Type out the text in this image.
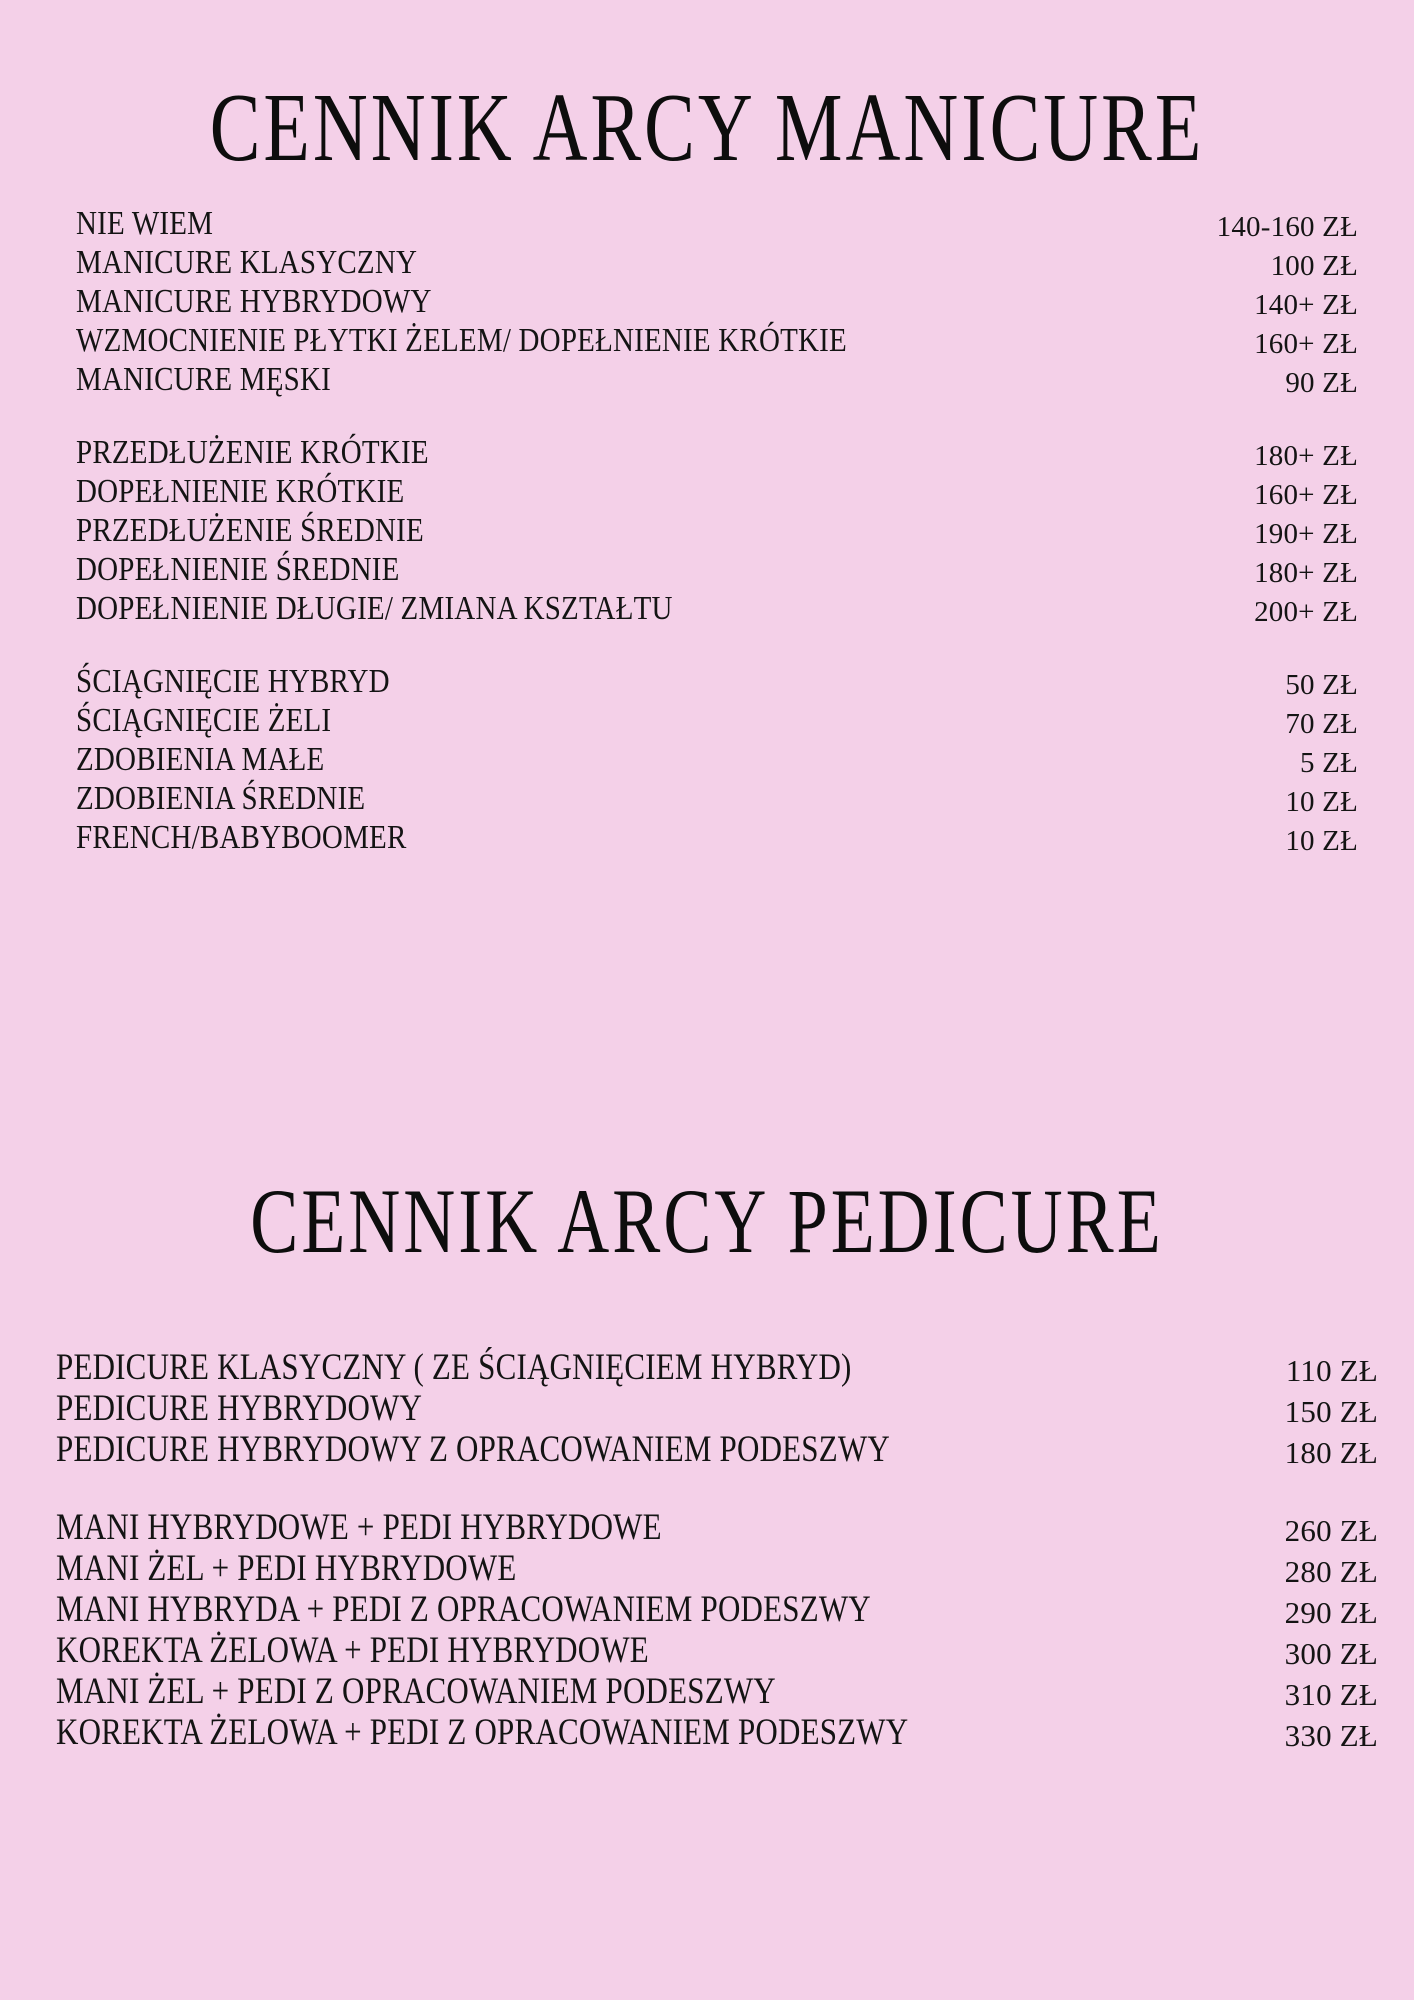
CENNIK ARCY MANICURE
NIE WIEM	140-160 ZŁ
MANICURE KLASYCZNY	100 ZŁ
MANICURE HYBRYDOWY	140+ ZŁ
WZMOCNIENIE PŁYTKI ŻELEM/ DOPEŁNIENIE KRÓTKIE	160+ ZŁ
MANICURE MĘSKI	90 ZŁ
PRZEDŁUŻENIE KRÓTKIE	180+ ZŁ
DOPEŁNIENIE KRÓTKIE	160+ ZŁ
PRZEDŁUŻENIE ŚREDNIE	190+ ZŁ
DOPEŁNIENIE ŚREDNIE	180+ ZŁ
DOPEŁNIENIE DŁUGIE/ ZMIANA KSZTAŁTU	200+ ZŁ
ŚCIĄGNIĘCIE HYBRYD	50 ZŁ
ŚCIĄGNIĘCIE ŻELI	70 ZŁ
ZDOBIENIA MAŁE	5 ZŁ
ZDOBIENIA ŚREDNIE	10 ZŁ
FRENCH/BABYBOOMER	10 ZŁ
CENNIK ARCY PEDICURE
PEDICURE KLASYCZNY ( ZE ŚCIĄGNIĘCIEM HYBRYD)	110 ZŁ
PEDICURE HYBRYDOWY	150 ZŁ
PEDICURE HYBRYDOWY Z OPRACOWANIEM PODESZWY	180 ZŁ
MANI HYBRYDOWE + PEDI HYBRYDOWE	260 ZŁ
MANI ŻEL + PEDI HYBRYDOWE	280 ZŁ
MANI HYBRYDA + PEDI Z OPRACOWANIEM PODESZWY	290 ZŁ
KOREKTA ŻELOWA + PEDI HYBRYDOWE	300 ZŁ
MANI ŻEL + PEDI Z OPRACOWANIEM PODESZWY	310 ZŁ
KOREKTA ŻELOWA + PEDI Z OPRACOWANIEM PODESZWY	330 ZŁ
